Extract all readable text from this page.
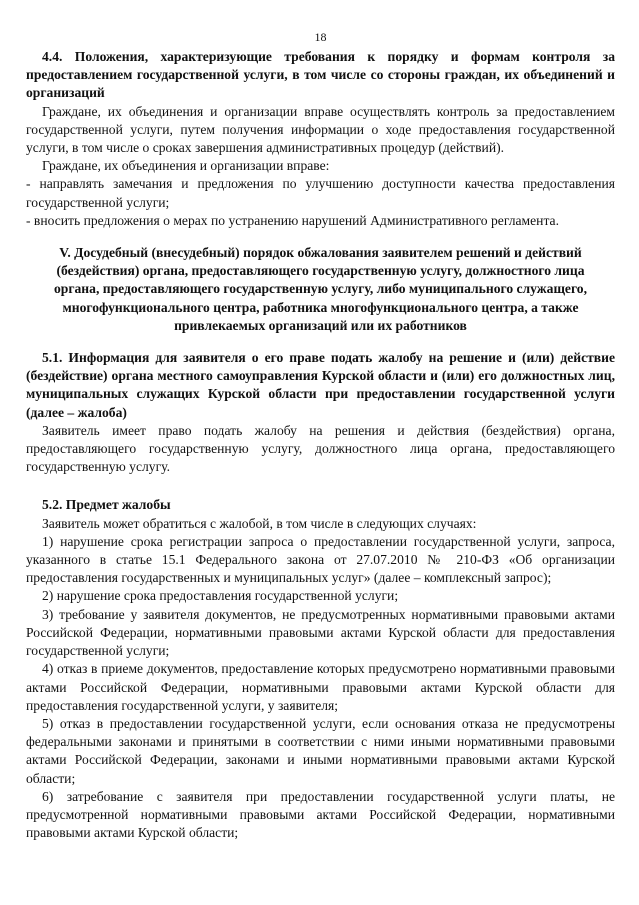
18

4.4. Положения, характеризующие требования к порядку и формам контроля за предоставлением государственной услуги, в том числе со стороны граждан, их объединений и организаций

Граждане, их объединения и организации вправе осуществлять контроль за предоставлением государственной услуги, путем получения информации о ходе предоставления государственной услуги, в том числе о сроках завершения административных процедур (действий).

Граждане, их объединения и организации вправе:

- направлять замечания и предложения по улучшению доступности качества предоставления государственной услуги;

- вносить предложения о мерах по устранению нарушений Административного регламента.

V. Досудебный (внесудебный) порядок обжалования заявителем решений и действий (бездействия) органа, предоставляющего государственную услугу, должностного лица органа, предоставляющего государственную услугу, либо муниципального служащего, многофункционального центра, работника многофункционального центра, а также привлекаемых организаций или их работников

5.1. Информация для заявителя о его праве подать жалобу на решение и (или) действие (бездействие) органа местного самоуправления Курской области и (или) его должностных лиц, муниципальных служащих Курской области при предоставлении государственной услуги (далее – жалоба)

Заявитель имеет право подать жалобу на решения и действия (бездействия) органа, предоставляющего государственную услугу, должностного лица органа, предоставляющего государственную услугу.

5.2. Предмет жалобы

Заявитель может обратиться с жалобой, в том числе в следующих случаях:

1) нарушение срока регистрации запроса о предоставлении государственной услуги, запроса, указанного в статье 15.1 Федерального закона от 27.07.2010 № 210-ФЗ «Об организации предоставления государственных и муниципальных услуг» (далее – комплексный запрос);

2) нарушение срока предоставления государственной услуги;

3) требование у заявителя документов, не предусмотренных нормативными правовыми актами Российской Федерации, нормативными правовыми актами Курской области для предоставления государственной услуги;

4) отказ в приеме документов, предоставление которых предусмотрено нормативными правовыми актами Российской Федерации, нормативными правовыми актами Курской области для предоставления государственной услуги, у заявителя;

5) отказ в предоставлении государственной услуги, если основания отказа не предусмотрены федеральными законами и принятыми в соответствии с ними иными нормативными правовыми актами Российской Федерации, законами и иными нормативными правовыми актами Курской области;

6) затребование с заявителя при предоставлении государственной услуги платы, не предусмотренной нормативными правовыми актами Российской Федерации, нормативными правовыми актами Курской области;
